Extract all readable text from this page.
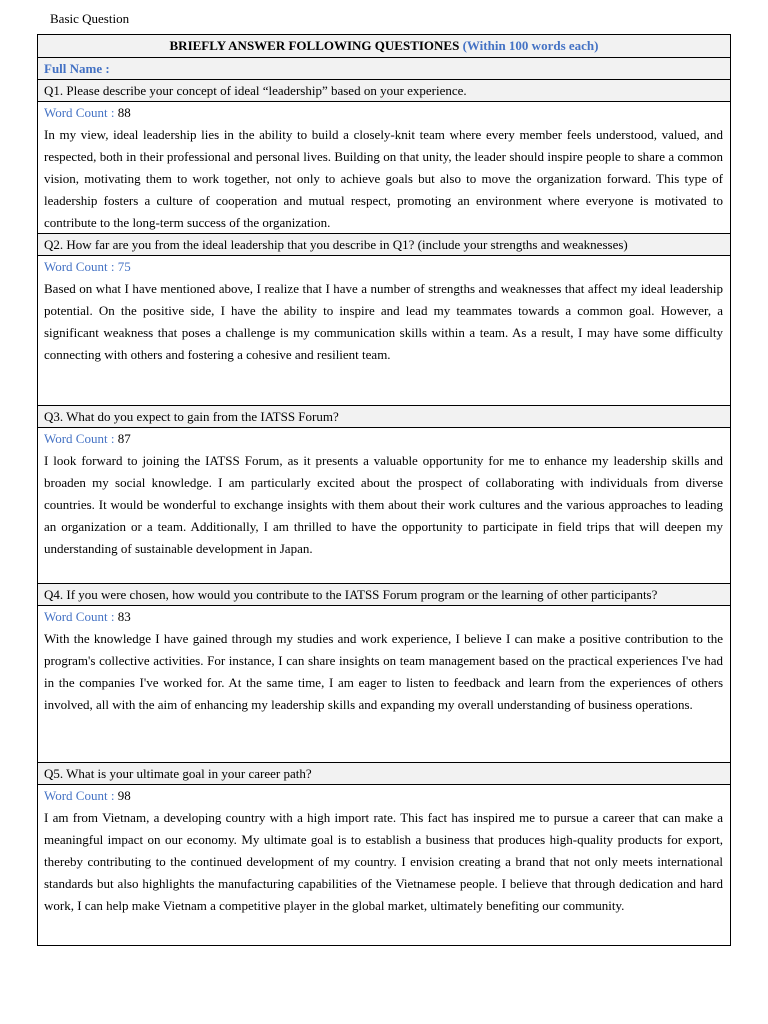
Basic Question
BRIEFLY ANSWER FOLLOWING QUESTIONES (Within 100 words each)
Full Name :
Q1. Please describe your concept of ideal “leadership” based on your experience.
Word Count : 88

In my view, ideal leadership lies in the ability to build a closely-knit team where every member feels understood, valued, and respected, both in their professional and personal lives. Building on that unity, the leader should inspire people to share a common vision, motivating them to work together, not only to achieve goals but also to move the organization forward. This type of leadership fosters a culture of cooperation and mutual respect, promoting an environment where everyone is motivated to contribute to the long-term success of the organization.

Q2. How far are you from the ideal leadership that you describe in Q1? (include your strengths and weaknesses)
Word Count : 75

Based on what I have mentioned above, I realize that I have a number of strengths and weaknesses that affect my ideal leadership potential. On the positive side, I have the ability to inspire and lead my teammates towards a common goal. However, a significant weakness that poses a challenge is my communication skills within a team. As a result, I may have some difficulty connecting with others and fostering a cohesive and resilient team.

Q3. What do you expect to gain from the IATSS Forum?
Word Count : 87

I look forward to joining the IATSS Forum, as it presents a valuable opportunity for me to enhance my leadership skills and broaden my social knowledge. I am particularly excited about the prospect of collaborating with individuals from diverse countries. It would be wonderful to exchange insights with them about their work cultures and the various approaches to leading an organization or a team. Additionally, I am thrilled to have the opportunity to participate in field trips that will deepen my understanding of sustainable development in Japan.

Q4. If you were chosen, how would you contribute to the IATSS Forum program or the learning of other participants?
Word Count : 83

With the knowledge I have gained through my studies and work experience, I believe I can make a positive contribution to the program's collective activities. For instance, I can share insights on team management based on the practical experiences I've had in the companies I've worked for. At the same time, I am eager to listen to feedback and learn from the experiences of others involved, all with the aim of enhancing my leadership skills and expanding my overall understanding of business operations.

Q5. What is your ultimate goal in your career path?
Word Count : 98

I am from Vietnam, a developing country with a high import rate. This fact has inspired me to pursue a career that can make a meaningful impact on our economy. My ultimate goal is to establish a business that produces high-quality products for export, thereby contributing to the continued development of my country. I envision creating a brand that not only meets international standards but also highlights the manufacturing capabilities of the Vietnamese people. I believe that through dedication and hard work, I can help make Vietnam a competitive player in the global market, ultimately benefiting our community.
